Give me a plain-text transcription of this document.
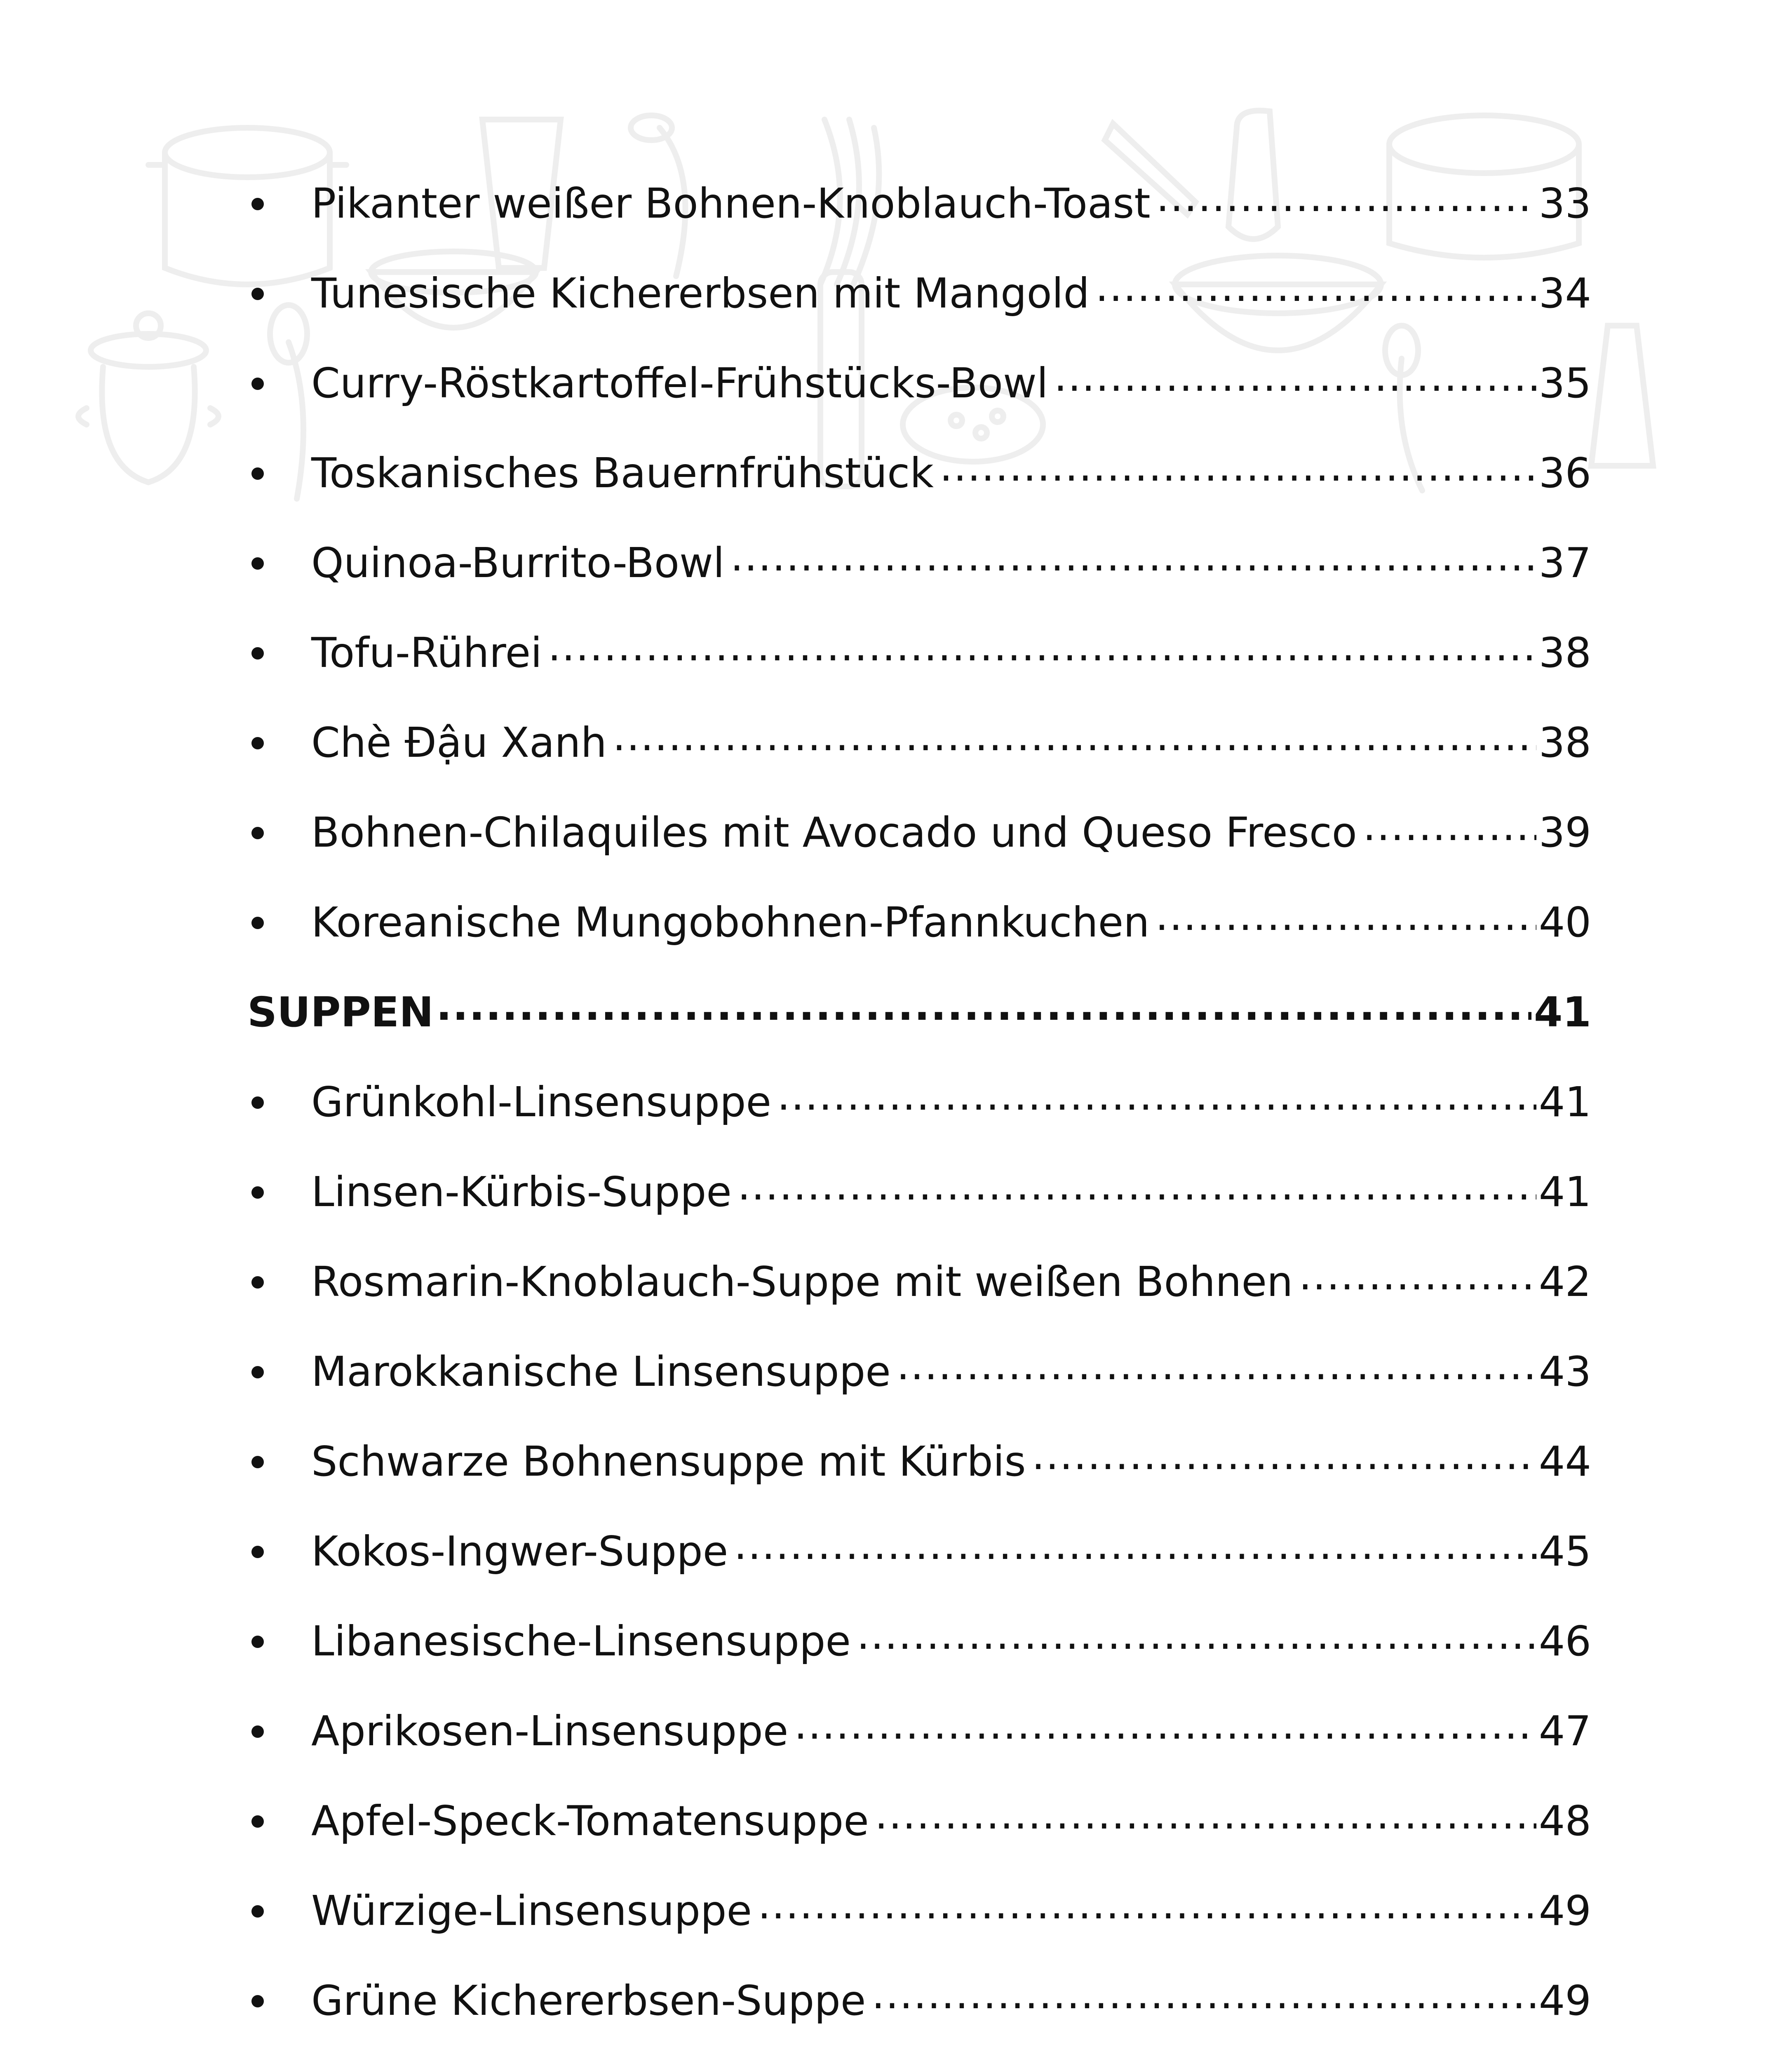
Pikanter weißer Bohnen-Knoblauch-Toast .....	33
Tunesische Kichererbsen mit Mangold .....	34
Curry-Röstkartoffel-Frühstücks-Bowl .....	35
Toskanisches Bauernfrühstück .....	36
Quinoa-Burrito-Bowl .....	37
Tofu-Rührei .....	38
Chè Đậu Xanh .....	38
Bohnen-Chilaquiles mit Avocado und Queso Fresco .....	39
Koreanische Mungobohnen-Pfannkuchen .....	40
SUPPEN .....	41
Grünkohl-Linsensuppe .....	41
Linsen-Kürbis-Suppe .....	41
Rosmarin-Knoblauch-Suppe mit weißen Bohnen .....	42
Marokkanische Linsensuppe .....	43
Schwarze Bohnensuppe mit Kürbis .....	44
Kokos-Ingwer-Suppe .....	45
Libanesische-Linsensuppe .....	46
Aprikosen-Linsensuppe .....	47
Apfel-Speck-Tomatensuppe .....	48
Würzige-Linsensuppe .....	49
Grüne Kichererbsen-Suppe .....	49
